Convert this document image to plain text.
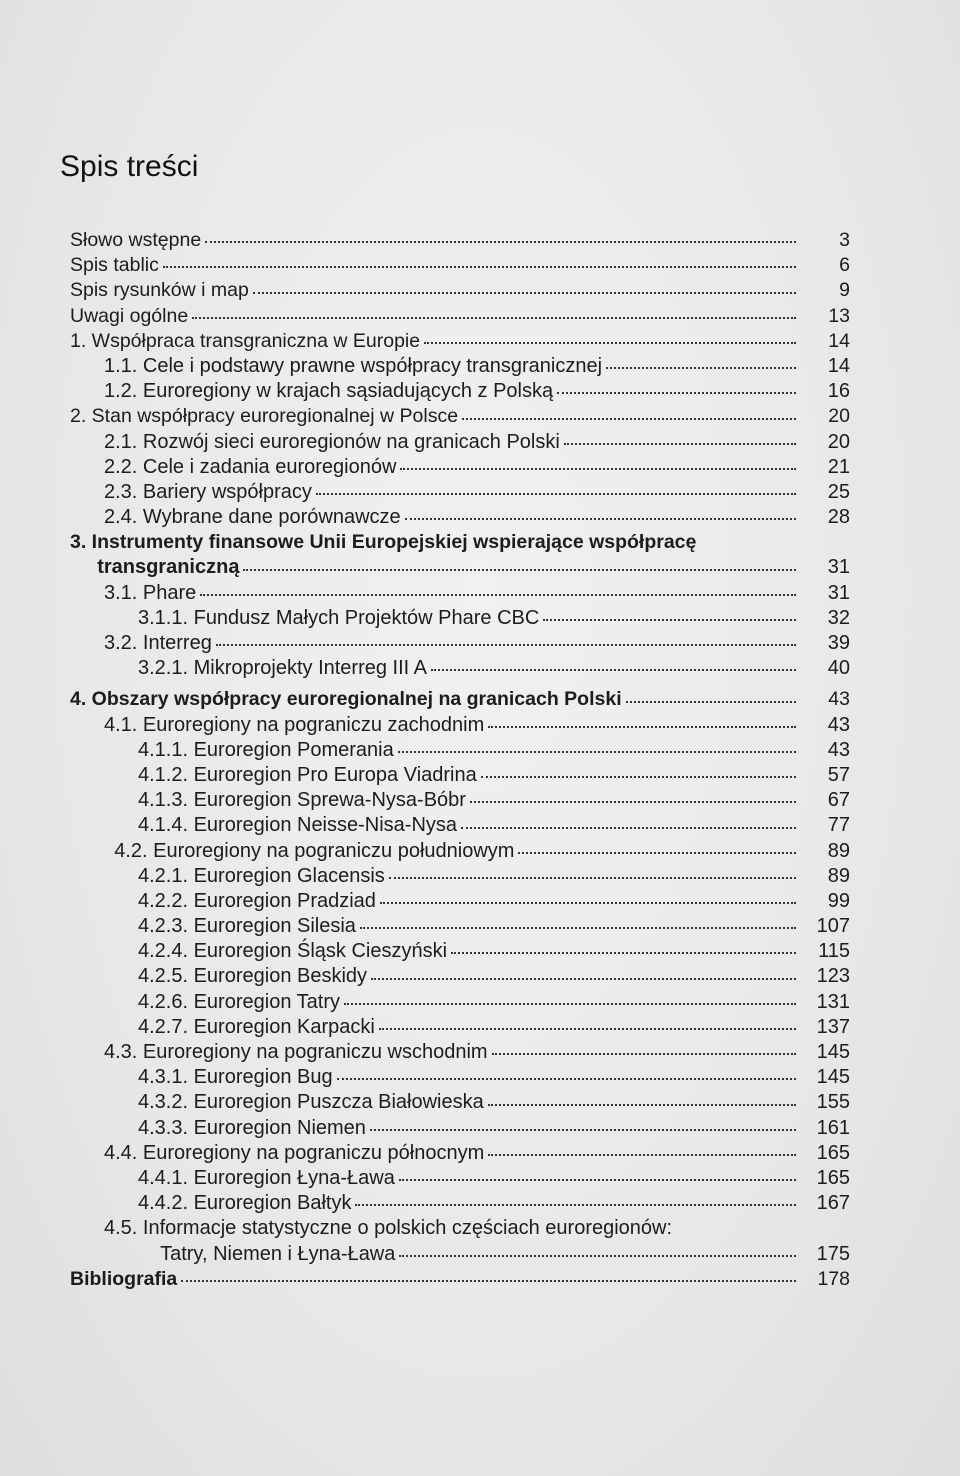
Spis treści
Słowo wstępne	3
Spis tablic	6
Spis rysunków i map	9
Uwagi ogólne	13
1. Współpraca transgraniczna w Europie	14
1.1. Cele i podstawy prawne współpracy transgranicznej	14
1.2. Euroregiony w krajach sąsiadujących z Polską	16
2. Stan współpracy euroregionalnej w Polsce	20
2.1. Rozwój sieci euroregionów na granicach Polski	20
2.2. Cele i zadania euroregionów	21
2.3. Bariery współpracy	25
2.4. Wybrane dane porównawcze	28
3. Instrumenty finansowe Unii Europejskiej wspierające współpracę
transgraniczną	31
3.1. Phare	31
3.1.1. Fundusz Małych Projektów Phare CBC	32
3.2. Interreg	39
3.2.1. Mikroprojekty Interreg III A	40
4. Obszary współpracy euroregionalnej na granicach Polski	43
4.1. Euroregiony na pograniczu zachodnim	43
4.1.1. Euroregion Pomerania	43
4.1.2. Euroregion Pro Europa Viadrina	57
4.1.3. Euroregion Sprewa-Nysa-Bóbr	67
4.1.4. Euroregion Neisse-Nisa-Nysa	77
4.2. Euroregiony na pograniczu południowym	89
4.2.1. Euroregion Glacensis	89
4.2.2. Euroregion Pradziad	99
4.2.3. Euroregion Silesia	107
4.2.4. Euroregion Śląsk Cieszyński	115
4.2.5. Euroregion Beskidy	123
4.2.6. Euroregion Tatry	131
4.2.7. Euroregion Karpacki	137
4.3. Euroregiony na pograniczu wschodnim	145
4.3.1. Euroregion Bug	145
4.3.2. Euroregion Puszcza Białowieska	155
4.3.3. Euroregion Niemen	161
4.4. Euroregiony na pograniczu północnym	165
4.4.1. Euroregion Łyna-Ława	165
4.4.2. Euroregion Bałtyk	167
4.5. Informacje statystyczne o polskich częściach euroregionów:
Tatry, Niemen i Łyna-Ława	175
Bibliografia	178
